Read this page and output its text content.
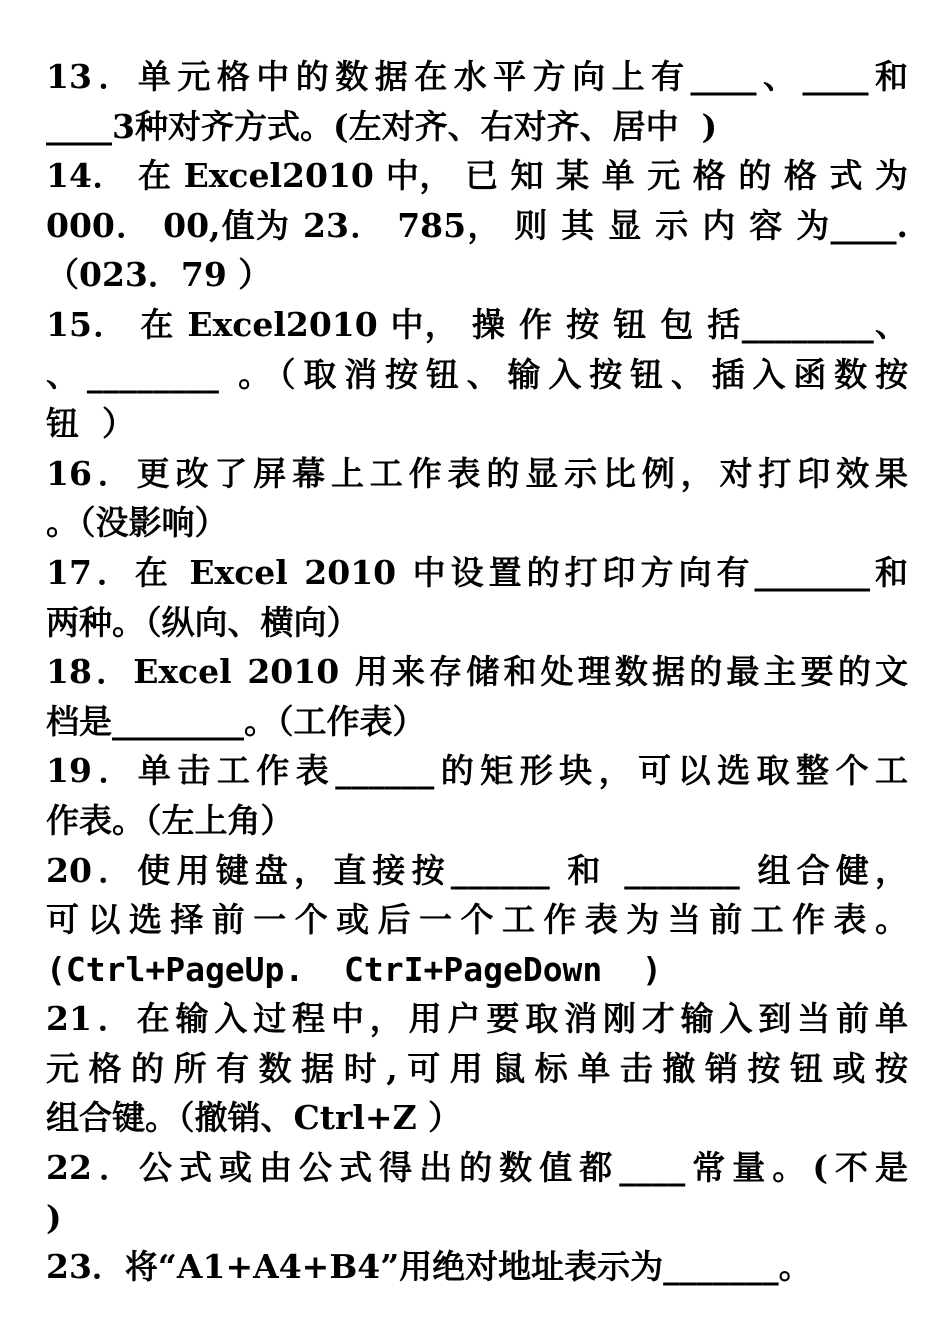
13．单元格中的数据在水平方向上有____、____和
____3种对齐方式。(左对齐、右对齐、居中  )
14． 在 Excel2010 中， 已 知 某 单 元 格 的 格 式 为
000． 00,值为 23． 785， 则 其 显 示 内 容 为____.
（023．79 ）
15． 在 Excel2010 中， 操 作 按 钮 包 括________、
、________ 。（取消按钮、输入按钮、插入函数按
钮  ）
16．更改了屏幕上工作表的显示比例，对打印效果
。（没影响）
17．在 Excel 2010 中设置的打印方向有_______和
两种。（纵向、横向）
18．Excel 2010 用来存储和处理数据的最主要的文
档是________。（工作表）
19．单击工作表______的矩形块，可以选取整个工
作表。（左上角）
20．使用键盘，直接按______ 和 _______ 组合健，
可以选择前一个或后一个工作表为当前工作表。
(Ctrl+PageUp.  CtrI+PageDown  )
21．在输入过程中，用户要取消刚才输入到当前单
元格的所有数据时,可用鼠标单击撤销按钮或按
组合键。（撤销、Ctrl+Z ）
22．公式或由公式得出的数值都____常量。(不是
)
23．将“A1+A4+B4”用绝对地址表示为_______。
